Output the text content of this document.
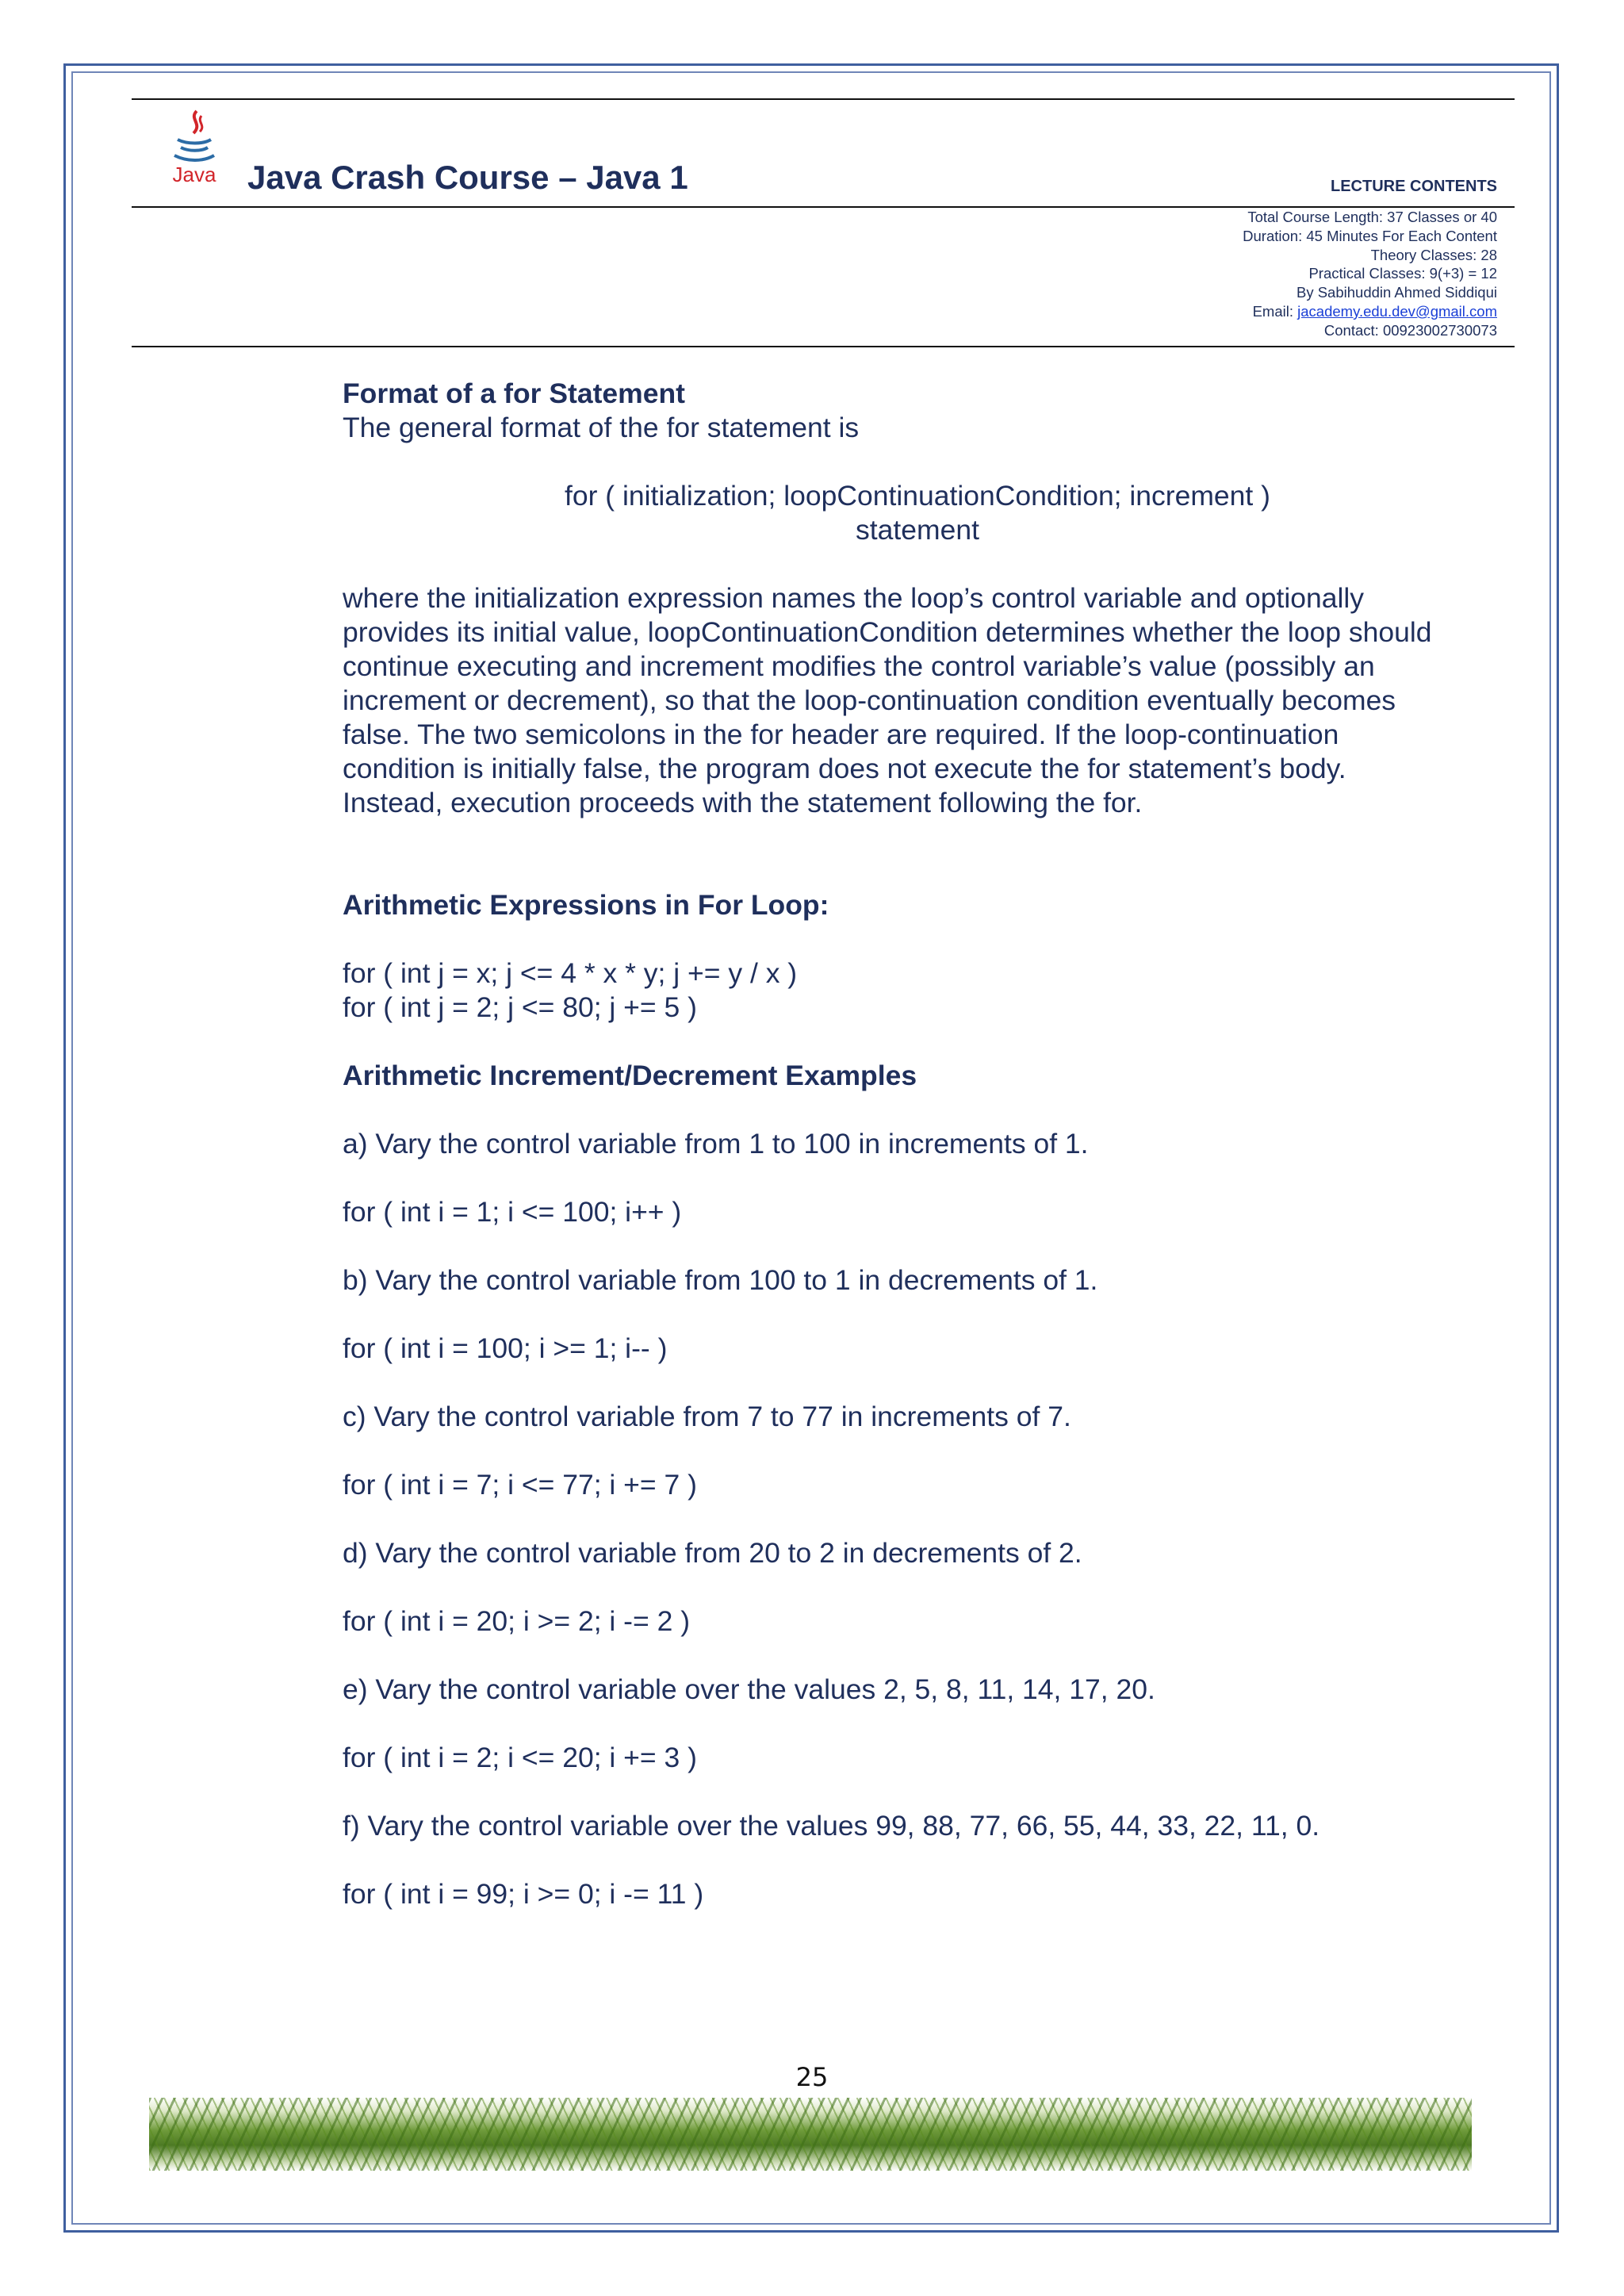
Java Java Crash Course – Java 1	LECTURE CONTENTS
Total Course Length: 37 Classes or 40
Duration: 45 Minutes For Each Content
Theory Classes: 28
Practical Classes: 9(+3) = 12
By Sabihuddin Ahmed Siddiqui
Email: jacademy.edu.dev@gmail.com
Contact: 00923002730073

Format of a for Statement

The general format of the for statement is

for ( initialization; loopContinuationCondition; increment )

statement

where the initialization expression names the loop’s control variable and optionally provides its initial value, loopContinuationCondition determines whether the loop should continue executing and increment modifies the control variable’s value (possibly an increment or decrement), so that the loop-continuation condition eventually becomes false. The two semicolons in the for header are required. If the loop-continuation condition is initially false, the program does not execute the for statement’s body. Instead, execution proceeds with the statement following the for.

Arithmetic Expressions in For Loop:

for ( int j = x; j <= 4 * x * y; j += y / x )

for ( int j = 2; j <= 80; j += 5 )

Arithmetic Increment/Decrement Examples

a) Vary the control variable from 1 to 100 in increments of 1.

for ( int i = 1; i <= 100; i++ )

b) Vary the control variable from 100 to 1 in decrements of 1.

for ( int i = 100; i >= 1; i-- )

c) Vary the control variable from 7 to 77 in increments of 7.

for ( int i = 7; i <= 77; i += 7 )

d) Vary the control variable from 20 to 2 in decrements of 2.

for ( int i = 20; i >= 2; i -= 2 )

e) Vary the control variable over the values 2, 5, 8, 11, 14, 17, 20.

for ( int i = 2; i <= 20; i += 3 )

f) Vary the control variable over the values 99, 88, 77, 66, 55, 44, 33, 22, 11, 0.

for ( int i = 99; i >= 0; i -= 11 )

25
